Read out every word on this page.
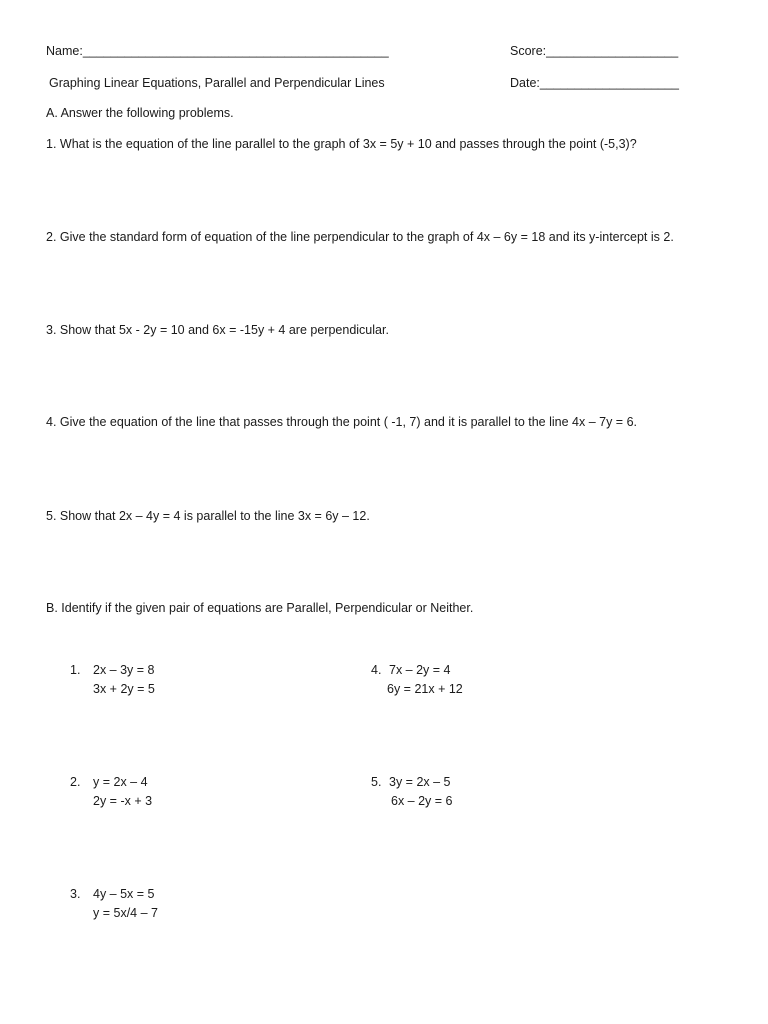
Name:____________________________________________	Score:___________________
Graphing Linear Equations, Parallel and Perpendicular Lines	Date:____________________
A. Answer the following problems.
1. What is the equation of the line parallel to the graph of 3x = 5y + 10 and passes through the point (-5,3)?
2. Give the standard form of equation of the line perpendicular to the graph of 4x – 6y = 18 and its y-intercept is 2.
3. Show that 5x - 2y = 10 and 6x = -15y + 4 are perpendicular.
4. Give the equation of the line that passes through the point ( -1, 7) and it is parallel to the line 4x – 7y = 6.
5. Show that 2x – 4y = 4 is parallel to the line 3x = 6y – 12.
B. Identify if the given pair of equations are Parallel, Perpendicular or Neither.
1. 2x – 3y = 8
3x + 2y = 5
2. y = 2x – 4
2y = -x + 3
3. 4y – 5x = 5
y = 5x/4 – 7
4. 7x – 2y = 4
6y = 21x + 12
5. 3y = 2x – 5
6x – 2y = 6
